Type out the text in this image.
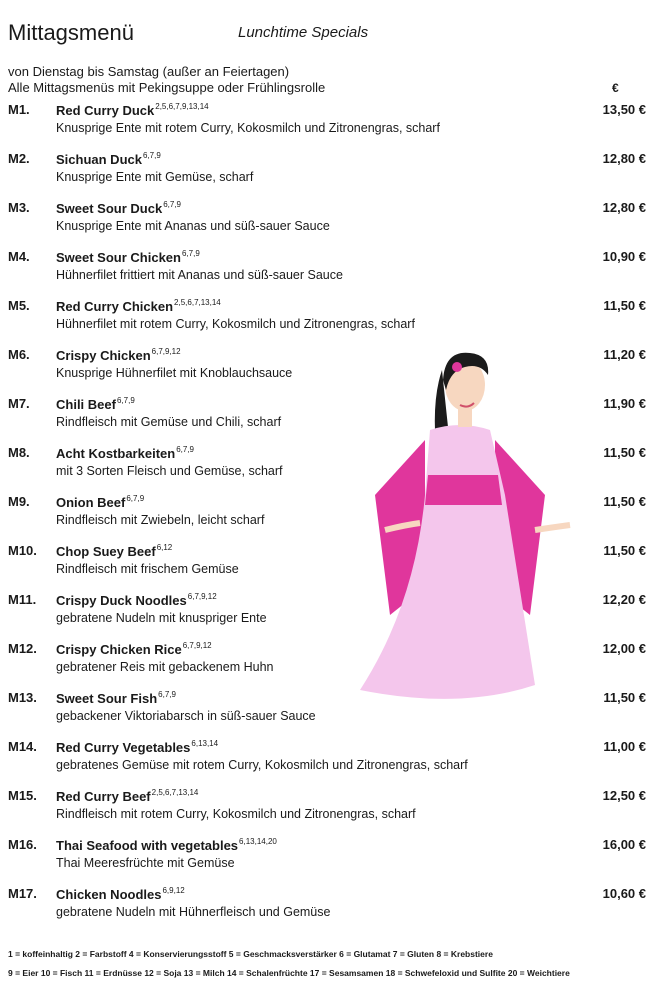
Mittagsmenü	Lunchtime Specials
von Dienstag bis Samstag (außer an Feiertagen)
Alle Mittagsmenüs mit Pekingsuppe oder Frühlingsrolle	€
M1. Red Curry Duck$^{2,5,6,7,9,13,14}$
Knusprige Ente mit rotem Curry, Kokosmilch und Zitronengras, scharf
13,50 €
M2. Sichuan Duck$^{6,7,9}$
Knusprige Ente mit Gemüse, scharf
12,80 €
M3. Sweet Sour Duck$^{6,7,9}$
Knusprige Ente mit Ananas und süß-sauer Sauce
12,80 €
M4. Sweet Sour Chicken$^{6,7,9}$
Hühnerfilet frittiert mit Ananas und süß-sauer Sauce
10,90 €
M5. Red Curry Chicken$^{2,5,6,7,13,14}$
Hühnerfilet mit rotem Curry, Kokosmilch und Zitronengras, scharf
11,50 €
M6. Crispy Chicken$^{6,7,9,12}$
Knusprige Hühnerfilet mit Knoblauchsauce
11,20 €
M7. Chili Beef$^{6,7,9}$
Rindfleisch mit Gemüse und Chili, scharf
11,90 €
M8. Acht Kostbarkeiten$^{6,7,9}$
mit 3 Sorten Fleisch und Gemüse, scharf
11,50 €
M9. Onion Beef$^{6,7,9}$
Rindfleisch mit Zwiebeln, leicht scharf
11,50 €
M10. Chop Suey Beef$^{6,12}$
Rindfleisch mit frischem Gemüse
11,50 €
M11. Crispy Duck Noodles$^{6,7,9,12}$
gebratene Nudeln mit knuspriger Ente
12,20 €
M12. Crispy Chicken Rice$^{6,7,9,12}$
gebratener Reis mit gebackenem Huhn
12,00 €
M13. Sweet Sour Fish$^{6,7,9}$
gebackener Viktoriabarsch in süß-sauer Sauce
11,50 €
M14. Red Curry Vegetables$^{6,13,14}$
gebratenes Gemüse mit rotem Curry, Kokosmilch und Zitronengras, scharf
11,00 €
M15. Red Curry Beef$^{2,5,6,7,13,14}$
Rindfleisch mit rotem Curry, Kokosmilch und Zitronengras, scharf
12,50 €
M16. Thai Seafood with vegetables$^{6,13,14,20}$
Thai Meeresfrüchte mit Gemüse
16,00 €
M17. Chicken Noodles$^{6,9,12}$
gebratene Nudeln mit Hühnerfleisch und Gemüse
10,60 €
1 = koffeinhaltig 2 = Farbstoff 4 = Konservierungsstoff 5 = Geschmacksverstärker 6 = Glutamat 7 = Gluten 8 = Krebstiere
9 = Eier 10 = Fisch 11 = Erdnüsse 12 = Soja 13 = Milch 14 = Schalenfrüchte 17 = Sesamsamen 18 = Schwefeloxid und Sulfite 20 = Weichtiere
